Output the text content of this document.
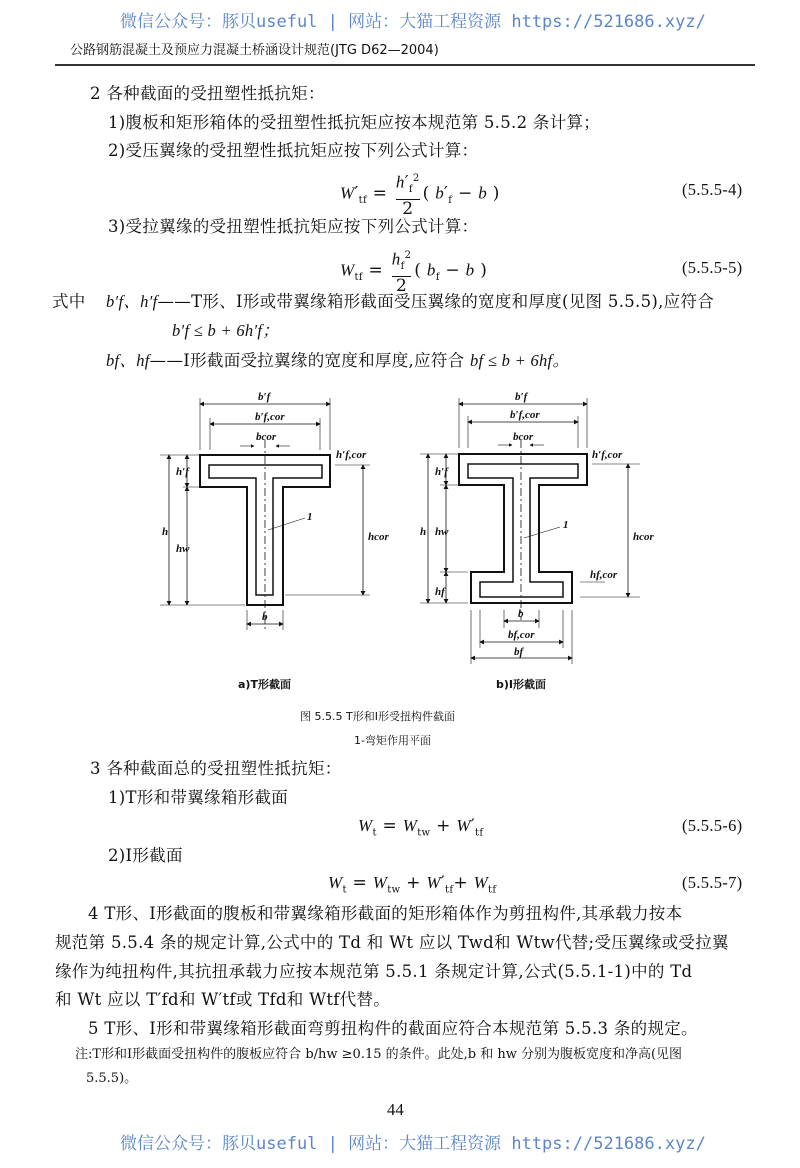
微信公众号：豚贝useful | 网站：大猫工程资源 https://521686.xyz/
公路钢筋混凝土及预应力混凝土桥涵设计规范(JTG D62—2004)
2 各种截面的受扭塑性抵抗矩：
1)腹板和矩形箱体的受扭塑性抵抗矩应按本规范第 5.5.2 条计算；
2)受压翼缘的受扭塑性抵抗矩应按下列公式计算：
$W'_{tf} = \frac{h'_f^2}{2}$ ( $b'_f - b$ )	(5.5.5-4)
3)受拉翼缘的受扭塑性抵抗矩应按下列公式计算：
$W_{tf} = \frac{h_f^2}{2}$ ( $b_f - b$ )	(5.5.5-5)
式中 b′f、h′f——T形、I形或带翼缘箱形截面受压翼缘的宽度和厚度(见图 5.5.5),应符合
b′f ≤ b + 6h′f；
bf、hf——I形截面受拉翼缘的宽度和厚度,应符合 bf ≤ b + 6hf。
b′f
b′f,cor
bcor
h
h′f
hw
hcor
h′f,cor
1
b
b′f
b′f,cor
bcor
h
h′f
hw
hf
hcor
h′f,cor
hf,cor
1
b
bf,cor
bf
a)T形截面	b)I形截面
图 5.5.5 T形和I形受扭构件截面
1-弯矩作用平面
3 各种截面总的受扭塑性抵抗矩：
1)T形和带翼缘箱形截面
$W_t = W_{tw} + W'_{tf}$	(5.5.5-6)
2)I形截面
$W_t = W_{tw} + W'_{tf}+ W_{tf}$	(5.5.5-7)
4 T形、I形截面的腹板和带翼缘箱形截面的矩形箱体作为剪扭构件,其承载力按本
规范第 5.5.4 条的规定计算,公式中的 Td 和 Wt 应以 Twd和 Wtw代替;受压翼缘或受拉翼
缘作为纯扭构件,其抗扭承载力应按本规范第 5.5.1 条规定计算,公式(5.5.1-1)中的 Td
和 Wt 应以 T′fd和 W′tf或 Tfd和 Wtf代替。
5 T形、I形和带翼缘箱形截面弯剪扭构件的截面应符合本规范第 5.5.3 条的规定。
注:T形和I形截面受扭构件的腹板应符合 b/hw ≥0.15 的条件。此处,b 和 hw 分别为腹板宽度和净高(见图
5.5.5)。
44
微信公众号：豚贝useful | 网站：大猫工程资源 https://521686.xyz/
